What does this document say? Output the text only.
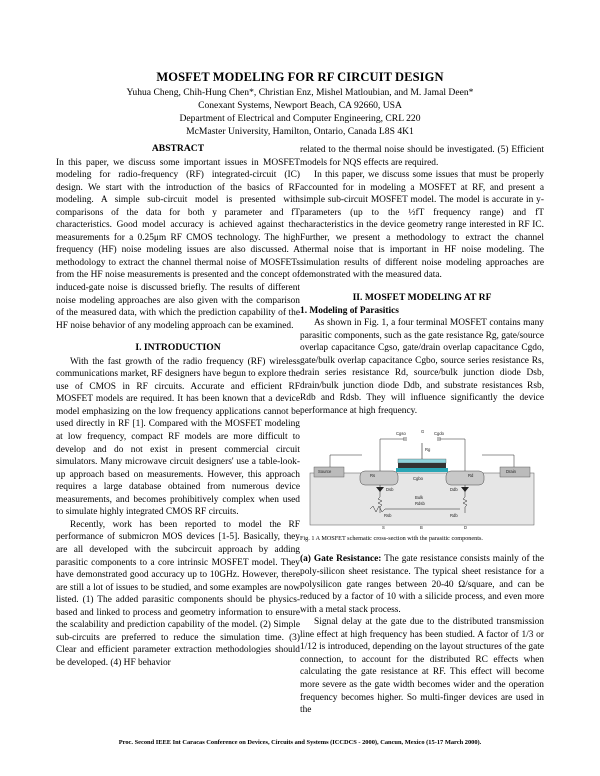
MOSFET MODELING FOR RF CIRCUIT DESIGN
Yuhua Cheng, Chih-Hung Chen*, Christian Enz, Mishel Matloubian, and M. Jamal Deen*
Conexant Systems, Newport Beach, CA 92660, USA
Department of Electrical and Computer Engineering, CRL 220
McMaster University, Hamilton, Ontario, Canada L8S 4K1
ABSTRACT

In this paper, we discuss some important issues in MOSFET modeling for radio-frequency (RF) integrated-circuit (IC) design. We start with the introduction of the basics of RF modeling. A simple sub-circuit model is presented with comparisons of the data for both y parameter and fT characteristics. Good model accuracy is achieved against the measurements for a 0.25μm RF CMOS technology. The high frequency (HF) noise modeling issues are also discussed. A methodology to extract the channel thermal noise of MOSFETs from the HF noise measurements is presented and the concept of induced-gate noise is discussed briefly. The results of different noise modeling approaches are also given with the comparison of the measured data, with which the prediction capability of the HF noise behavior of any modeling approach can be examined.

I. INTRODUCTION

With the fast growth of the radio frequency (RF) wireless communications market, RF designers have begun to explore the use of CMOS in RF circuits. Accurate and efficient RF MOSFET models are required. It has been known that a device model emphasizing on the low frequency applications cannot be used directly in RF [1]. Compared with the MOSFET modeling at low frequency, compact RF models are more difficult to develop and do not exist in present commercial circuit simulators. Many microwave circuit designers' use a table-look-up approach based on measurements. However, this approach requires a large database obtained from numerous device measurements, and becomes prohibitively complex when used to simulate highly integrated CMOS RF circuits.

Recently, work has been reported to model the RF performance of submicron MOS devices [1-5]. Basically, they are all developed with the subcircuit approach by adding parasitic components to a core intrinsic MOSFET model. They have demonstrated good accuracy up to 10GHz. However, there are still a lot of issues to be studied, and some examples are now listed. (1) The added parasitic components should be physics-based and linked to process and geometry information to ensure the scalability and prediction capability of the model. (2) Simple sub-circuits are preferred to reduce the simulation time. (3) Clear and efficient parameter extraction methodologies should be developed. (4) HF behavior

related to the thermal noise should be investigated. (5) Efficient models for NQS effects are required.

In this paper, we discuss some issues that must be properly accounted for in modeling a MOSFET at RF, and present a simple sub-circuit MOSFET model. The model is accurate in y-parameters (up to the ½fT frequency range) and fT characteristics in the device geometry range interested in RF IC. Further, we present a methodology to extract the channel thermal noise that is important in HF noise modeling. The simulation results of different noise modeling approaches are demonstrated with the measured data.

II. MOSFET MODELING AT RF
1. Modeling of Parasitics

As shown in Fig. 1, a four terminal MOSFET contains many parasitic components, such as the gate resistance Rg, gate/source overlap capacitance Cgso, gate/drain overlap capacitance Cgdo, gate/bulk overlap capacitance Cgbo, source series resistance Rs, drain series resistance Rd, source/bulk junction diode Dsb, drain/bulk junction diode Ddb, and substrate resistances Rsb, Rdb and Rdsb. They will influence significantly the device performance at high frequency.

G
Cgso	Cgdo
Rg
Cgbo
Source	Drain
Rs	Rd
Dsb	Ddb
Bulk
Rsb	Rdb
Rdsb
S	B	D
Fig. 1 A MOSFET schematic cross-section with the parasitic components.

(a) Gate Resistance: The gate resistance consists mainly of the poly-silicon sheet resistance. The typical sheet resistance for a polysilicon gate ranges between 20-40 Ω/square, and can be reduced by a factor of 10 with a silicide process, and even more with a metal stack process.

Signal delay at the gate due to the distributed transmission line effect at high frequency has been studied. A factor of 1/3 or 1/12 is introduced, depending on the layout structures of the gate connection, to account for the distributed RC effects when calculating the gate resistance at RF. This effect will become more severe as the gate width becomes wider and the operation frequency becomes higher. So multi-finger devices are used in the

Proc. Second IEEE Int Caracas Conference on Devices, Circuits and Systems (ICCDCS - 2000), Cancun, Mexico (15-17 March 2000).
